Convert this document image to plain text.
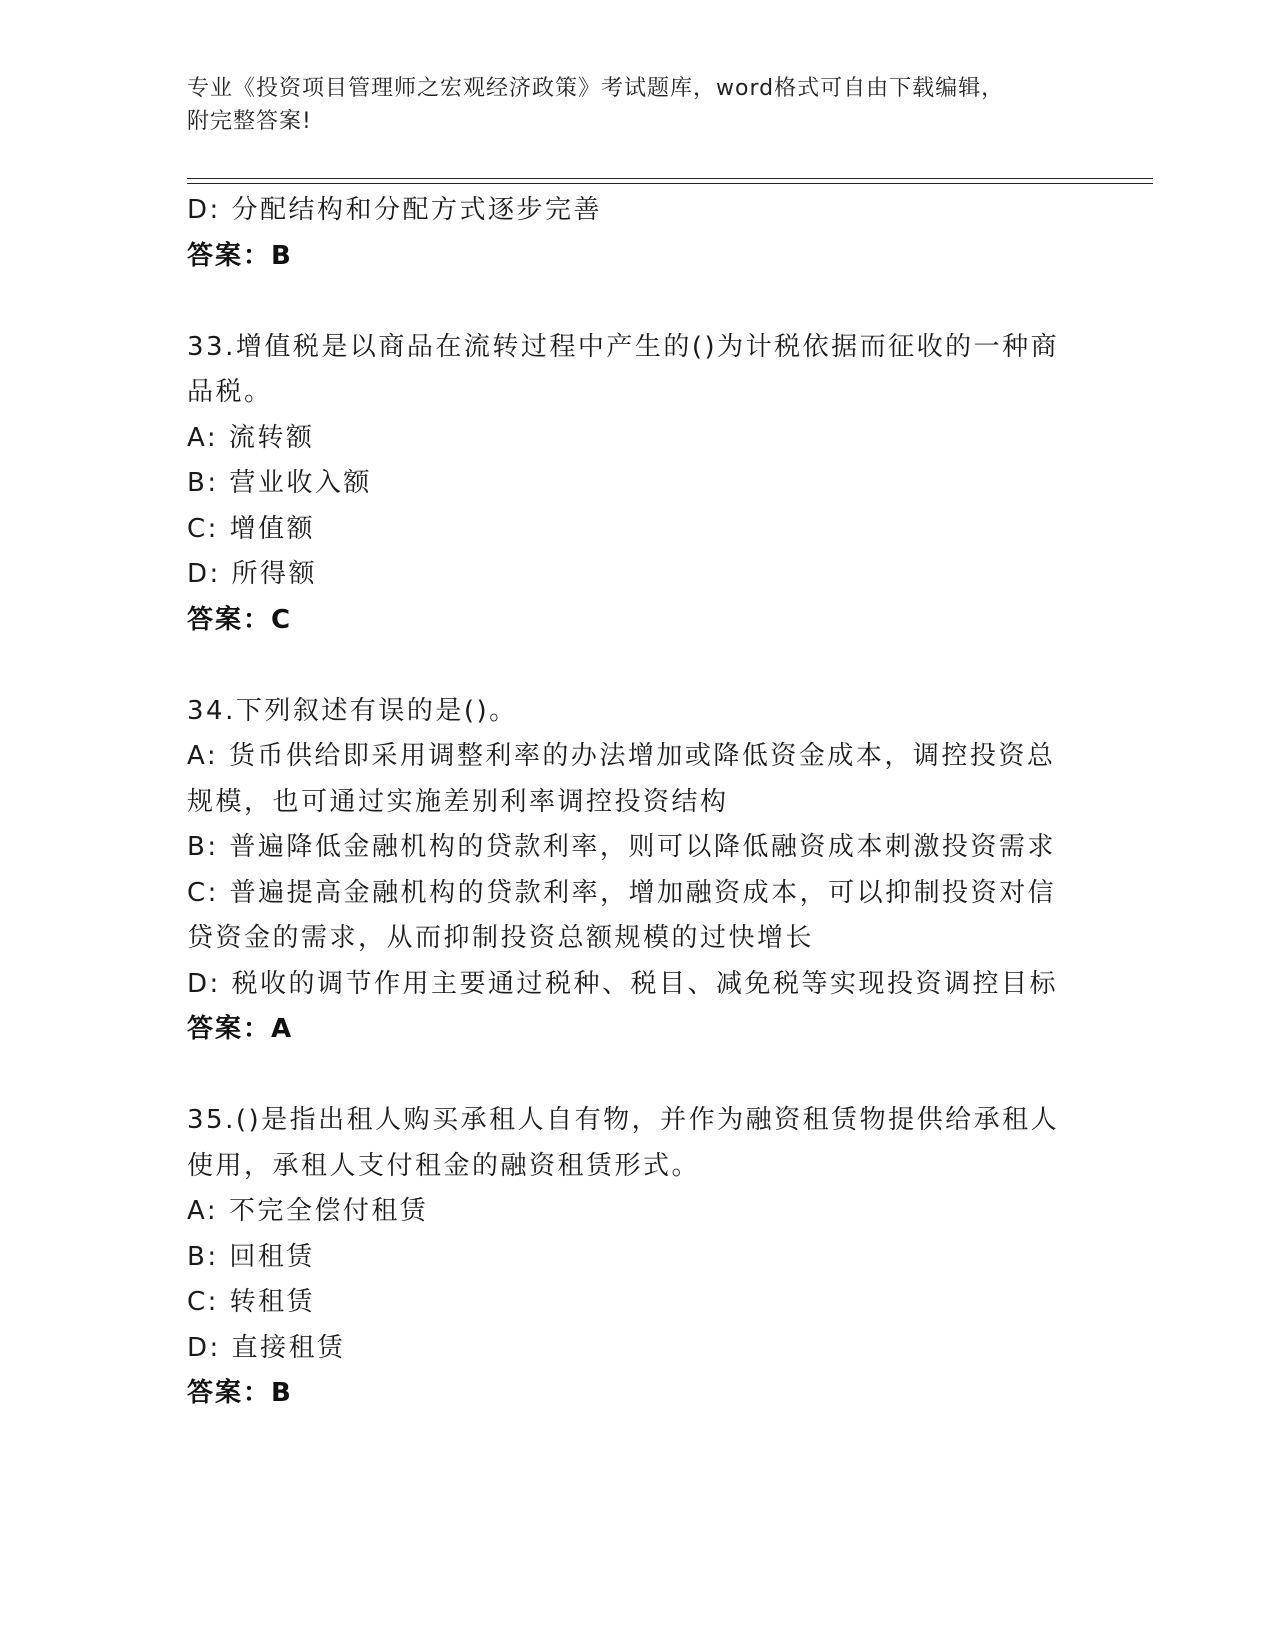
专业《投资项目管理师之宏观经济政策》考试题库，word格式可自由下载编辑，
附完整答案!
D: 分配结构和分配方式逐步完善
答案：B
33.增值税是以商品在流转过程中产生的()为计税依据而征收的一种商
品税。
A: 流转额
B: 营业收入额
C: 增值额
D: 所得额
答案：C
34.下列叙述有误的是()。
A: 货币供给即采用调整利率的办法增加或降低资金成本，调控投资总
规模，也可通过实施差别利率调控投资结构
B: 普遍降低金融机构的贷款利率，则可以降低融资成本刺激投资需求
C: 普遍提高金融机构的贷款利率，增加融资成本，可以抑制投资对信
贷资金的需求，从而抑制投资总额规模的过快增长
D: 税收的调节作用主要通过税种、税目、减免税等实现投资调控目标
答案：A
35.()是指出租人购买承租人自有物，并作为融资租赁物提供给承租人
使用，承租人支付租金的融资租赁形式。
A: 不完全偿付租赁
B: 回租赁
C: 转租赁
D: 直接租赁
答案：B
